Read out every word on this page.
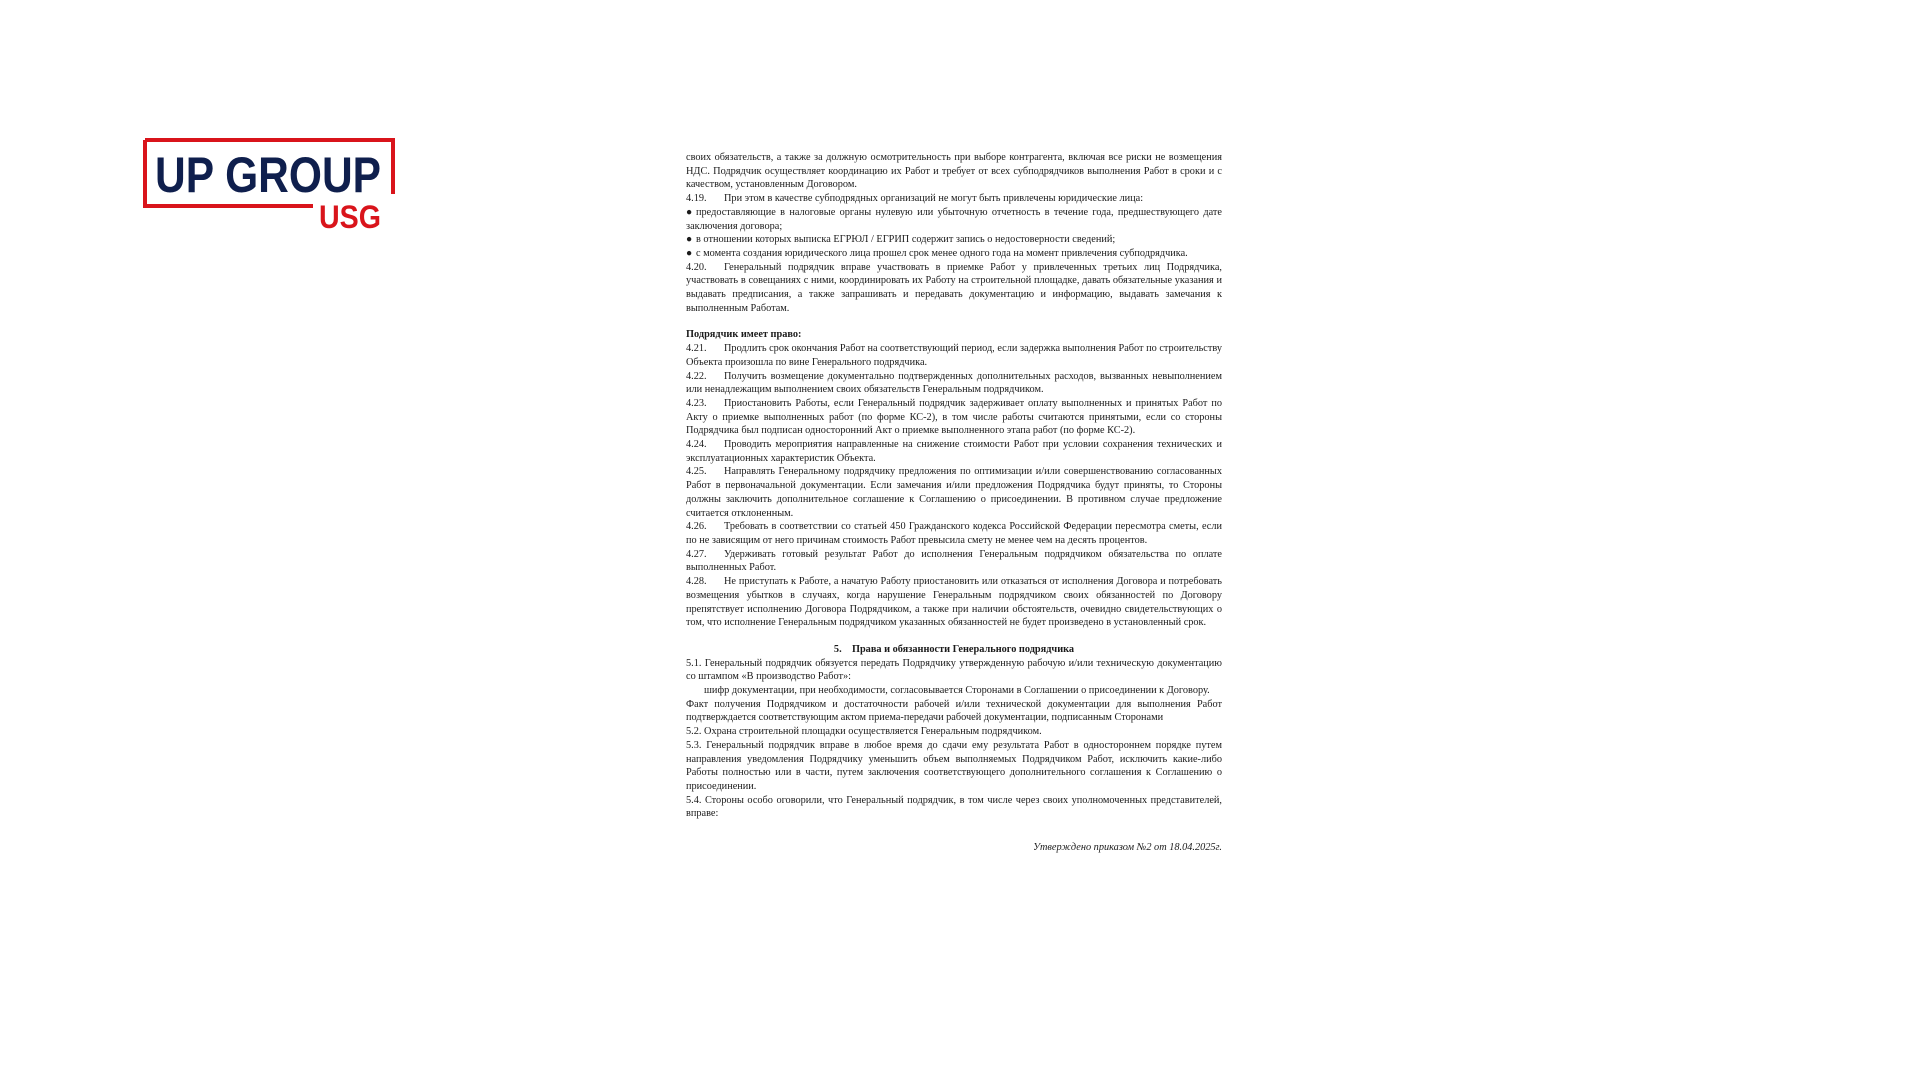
UP GROUP
USG

своих обязательств, а также за должную осмотрительность при выборе контрагента, включая все риски не возмещения НДС. Подрядчик осуществляет координацию их Работ и требует от всех субподрядчиков выполнения Работ в сроки и с качеством, установленным Договором.

4.19. При этом в качестве субподрядных организаций не могут быть привлечены юридические лица:

● предоставляющие в налоговые органы нулевую или убыточную отчетность в течение года, предшествующего дате заключения договора;

● в отношении которых выписка ЕГРЮЛ / ЕГРИП содержит запись о недостоверности сведений;

● с момента создания юридического лица прошел срок менее одного года на момент привлечения субподрядчика.

4.20. Генеральный подрядчик вправе участвовать в приемке Работ у привлеченных третьих лиц Подрядчика, участвовать в совещаниях с ними, координировать их Работу на строительной площадке, давать обязательные указания и выдавать предписания, а также запрашивать и передавать документацию и информацию, выдавать замечания к выполненным Работам.

Подрядчик имеет право:

4.21. Продлить срок окончания Работ на соответствующий период, если задержка выполнения Работ по строительству Объекта произошла по вине Генерального подрядчика.

4.22. Получить возмещение документально подтвержденных дополнительных расходов, вызванных невыполнением или ненадлежащим выполнением своих обязательств Генеральным подрядчиком.

4.23. Приостановить Работы, если Генеральный подрядчик задерживает оплату выполненных и принятых Работ по Акту о приемке выполненных работ (по форме КС-2), в том числе работы считаются принятыми, если со стороны Подрядчика был подписан односторонний Акт о приемке выполненного этапа работ (по форме КС-2).

4.24. Проводить мероприятия направленные на снижение стоимости Работ при условии сохранения технических и эксплуатационных характеристик Объекта.

4.25. Направлять Генеральному подрядчику предложения по оптимизации и/или совершенствованию согласованных Работ в первоначальной документации. Если замечания и/или предложения Подрядчика будут приняты, то Стороны должны заключить дополнительное соглашение к Соглашению о присоединении. В противном случае предложение считается отклоненным.

4.26. Требовать в соответствии со статьей 450 Гражданского кодекса Российской Федерации пересмотра сметы, если по не зависящим от него причинам стоимость Работ превысила смету не менее чем на десять процентов.

4.27. Удерживать готовый результат Работ до исполнения Генеральным подрядчиком обязательства по оплате выполненных Работ.

4.28. Не приступать к Работе, а начатую Работу приостановить или отказаться от исполнения Договора и потребовать возмещения убытков в случаях, когда нарушение Генеральным подрядчиком своих обязанностей по Договору препятствует исполнению Договора Подрядчиком, а также при наличии обстоятельств, очевидно свидетельствующих о том, что исполнение Генеральным подрядчиком указанных обязанностей не будет произведено в установленный срок.

5.    Права и обязанности Генерального подрядчика

5.1. Генеральный подрядчик обязуется передать Подрядчику утвержденную рабочую и/или техническую документацию со штампом «В производство Работ»:

шифр документации, при необходимости, согласовывается Сторонами в Соглашении о присоединении к Договору.

Факт получения Подрядчиком и достаточности рабочей и/или технической документации для выполнения Работ подтверждается соответствующим актом приема-передачи рабочей документации, подписанным Сторонами

5.2. Охрана строительной площадки осуществляется Генеральным подрядчиком.

5.3. Генеральный подрядчик вправе в любое время до сдачи ему результата Работ в одностороннем порядке путем направления уведомления Подрядчику уменьшить объем выполняемых Подрядчиком Работ, исключить какие-либо Работы полностью или в части, путем заключения соответствующего дополнительного соглашения к Соглашению о присоединении.

5.4. Стороны особо оговорили, что Генеральный подрядчик, в том числе через своих уполномоченных представителей, вправе:

Утверждено приказом №2 от 18.04.2025г.
